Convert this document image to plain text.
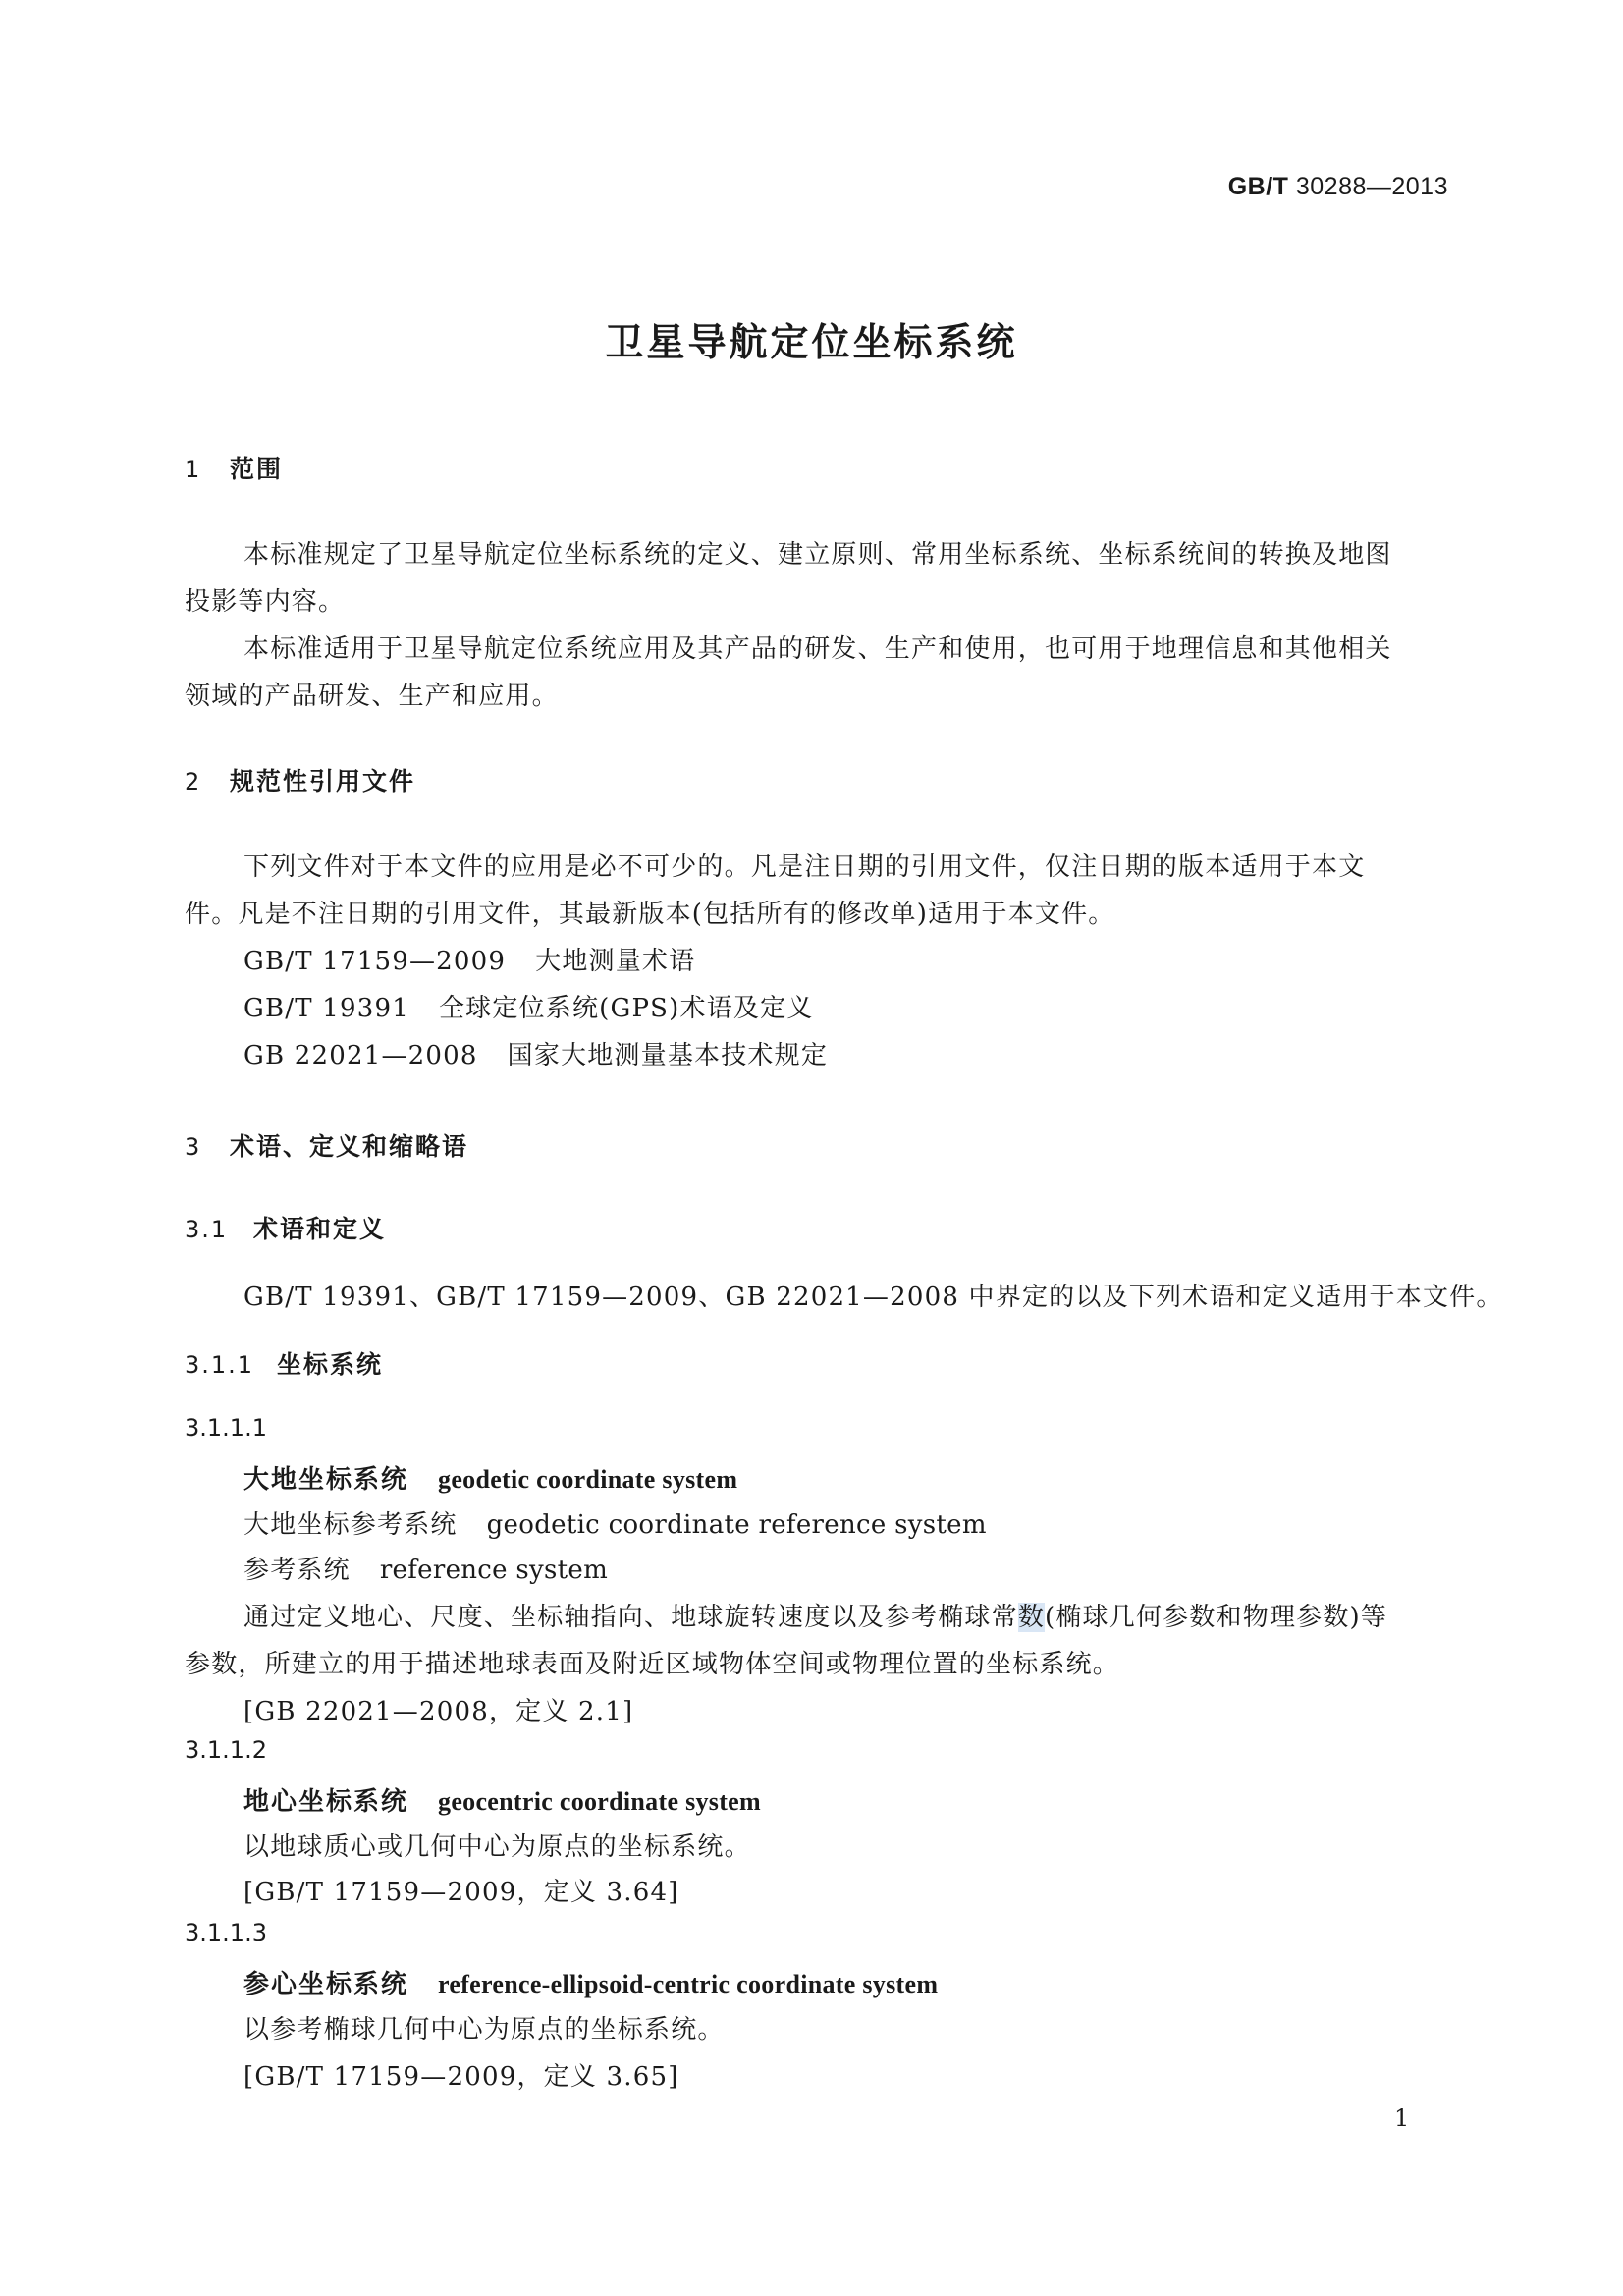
GB/T 30288—2013
卫星导航定位坐标系统
1 范围
本标准规定了卫星导航定位坐标系统的定义、建立原则、常用坐标系统、坐标系统间的转换及地图
投影等内容。
本标准适用于卫星导航定位系统应用及其产品的研发、生产和使用，也可用于地理信息和其他相关
领域的产品研发、生产和应用。
2 规范性引用文件
下列文件对于本文件的应用是必不可少的。凡是注日期的引用文件，仅注日期的版本适用于本文
件。凡是不注日期的引用文件，其最新版本(包括所有的修改单)适用于本文件。
GB/T 17159—2009 大地测量术语
GB/T 19391 全球定位系统(GPS)术语及定义
GB 22021—2008 国家大地测量基本技术规定
3 术语、定义和缩略语
3.1 术语和定义
GB/T 19391、GB/T 17159—2009、GB 22021—2008 中界定的以及下列术语和定义适用于本文件。
3.1.1 坐标系统
3.1.1.1
大地坐标系统 geodetic coordinate system
大地坐标参考系统 geodetic coordinate reference system
参考系统 reference system
通过定义地心、尺度、坐标轴指向、地球旋转速度以及参考椭球常数(椭球几何参数和物理参数)等
参数，所建立的用于描述地球表面及附近区域物体空间或物理位置的坐标系统。
[GB 22021—2008，定义 2.1]
3.1.1.2
地心坐标系统 geocentric coordinate system
以地球质心或几何中心为原点的坐标系统。
[GB/T 17159—2009，定义 3.64]
3.1.1.3
参心坐标系统 reference-ellipsoid-centric coordinate system
以参考椭球几何中心为原点的坐标系统。
[GB/T 17159—2009，定义 3.65]
1
